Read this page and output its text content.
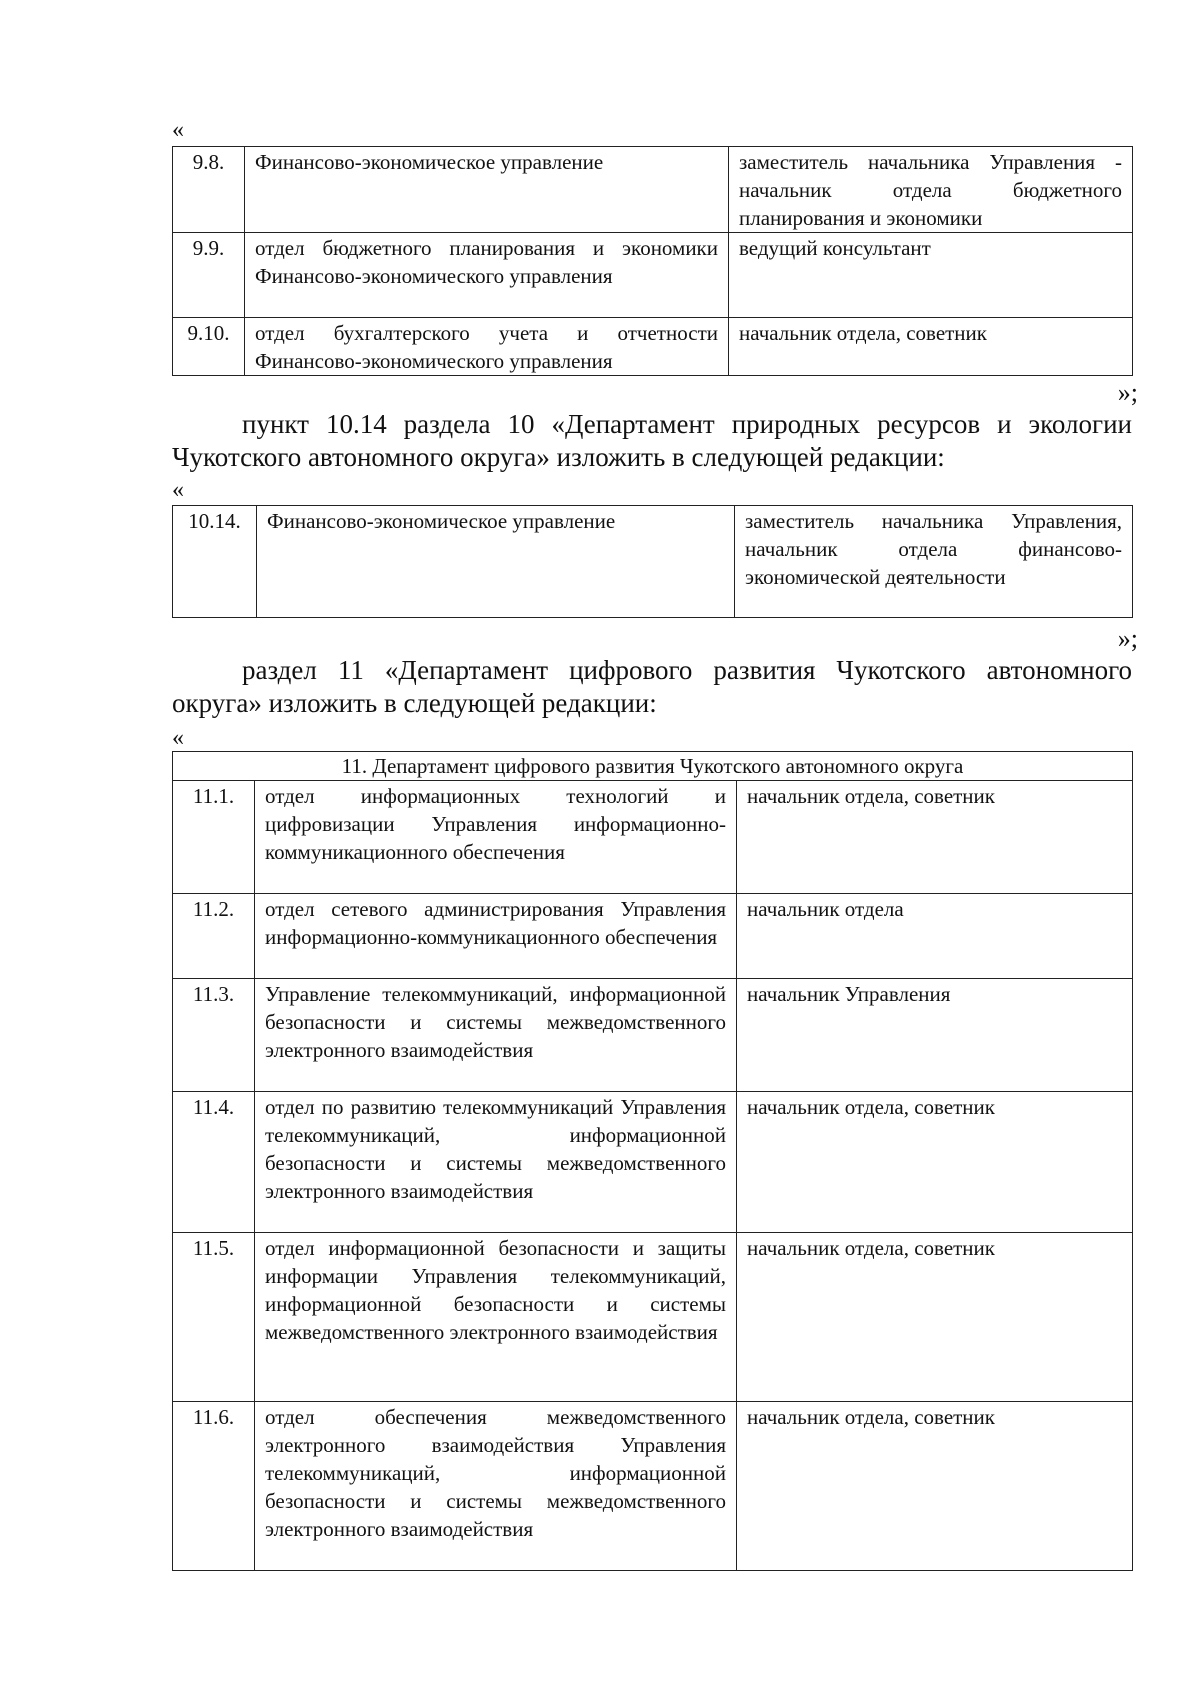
«
9.8.	Финансово-экономическое управление	заместитель начальника Управления - начальник отдела бюджетного планирования и экономики
9.9.	отдел бюджетного планирования и экономики Финансово-экономического управления	ведущий консультант
9.10.	отдел бухгалтерского учета и отчетности Финансово-экономического управления	начальник отдела, советник
»;

пункт 10.14 раздела 10 «Департамент природных ресурсов и экологии Чукотского автономного округа» изложить в следующей редакции:

«
10.14.	Финансово-экономическое управление	заместитель начальника Управления, начальник отдела финансово-экономической деятельности
»;

раздел 11 «Департамент цифрового развития Чукотского автономного округа» изложить в следующей редакции:

«
11. Департамент цифрового развития Чукотского автономного округа		
11.1.	отдел информационных технологий и цифровизации Управления информационно-коммуникационного обеспечения	начальник отдела, советник
11.2.	отдел сетевого администрирования Управления информационно-коммуникационного обеспечения	начальник отдела
11.3.	Управление телекоммуникаций, информационной безопасности и системы межведомственного электронного взаимодействия	начальник Управления
11.4.	отдел по развитию телекоммуникаций Управления телекоммуникаций, информационной безопасности и системы межведомственного электронного взаимодействия	начальник отдела, советник
11.5.	отдел информационной безопасности и защиты информации Управления телекоммуникаций, информационной безопасности и системы межведомственного электронного взаимодействия	начальник отдела, советник
11.6.	отдел обеспечения межведомственного электронного взаимодействия Управления телекоммуникаций, информационной безопасности и системы межведомственного электронного взаимодействия	начальник отдела, советник
